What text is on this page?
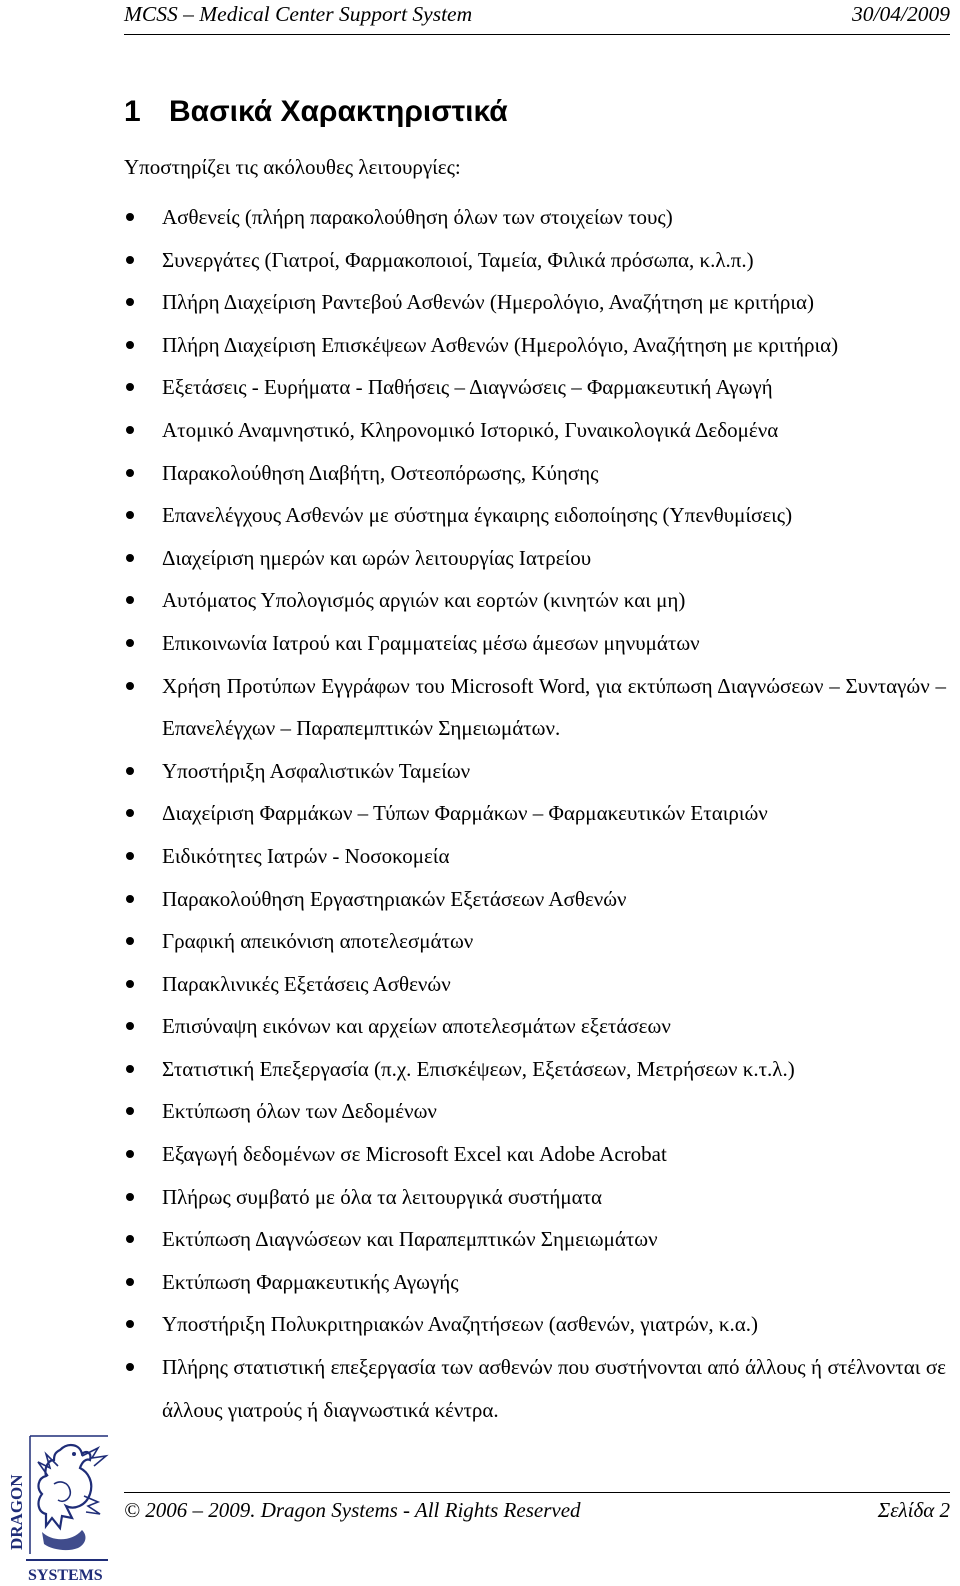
MCSS – Medical Center Support System	30/04/2009
1 Βασικά Χαρακτηριστικά

Υποστηρίζει τις ακόλουθες λειτουργίες:

Ασθενείς (πλήρη παρακολούθηση όλων των στοιχείων τους)
Συνεργάτες (Γιατροί, Φαρμακοποιοί, Ταμεία, Φιλικά πρόσωπα, κ.λ.π.)
Πλήρη Διαχείριση Ραντεβού Ασθενών (Ημερολόγιο, Αναζήτηση με κριτήρια)
Πλήρη Διαχείριση Επισκέψεων Ασθενών (Ημερολόγιο, Αναζήτηση με κριτήρια)
Εξετάσεις - Ευρήματα - Παθήσεις – Διαγνώσεις – Φαρμακευτική Αγωγή
Ατομικό Αναμνηστικό, Κληρονομικό Ιστορικό, Γυναικολογικά Δεδομένα
Παρακολούθηση Διαβήτη, Οστεοπόρωσης, Κύησης
Επανελέγχους Ασθενών με σύστημα έγκαιρης ειδοποίησης (Υπενθυμίσεις)
Διαχείριση ημερών και ωρών λειτουργίας Ιατρείου
Αυτόματος Υπολογισμός αργιών και εορτών (κινητών και μη)
Επικοινωνία Ιατρού και Γραμματείας μέσω άμεσων μηνυμάτων
Χρήση Προτύπων Εγγράφων του Microsoft Word, για εκτύπωση Διαγνώσεων – Συνταγών – Επανελέγχων – Παραπεμπτικών Σημειωμάτων.
Υποστήριξη Ασφαλιστικών Ταμείων
Διαχείριση Φαρμάκων – Τύπων Φαρμάκων – Φαρμακευτικών Εταιριών
Ειδικότητες Ιατρών - Νοσοκομεία
Παρακολούθηση Εργαστηριακών Εξετάσεων Ασθενών
Γραφική απεικόνιση αποτελεσμάτων
Παρακλινικές Εξετάσεις Ασθενών
Επισύναψη εικόνων και αρχείων αποτελεσμάτων εξετάσεων
Στατιστική Επεξεργασία (π.χ. Επισκέψεων, Εξετάσεων, Μετρήσεων κ.τ.λ.)
Εκτύπωση όλων των Δεδομένων
Εξαγωγή δεδομένων σε Microsoft Excel και Adobe Acrobat
Πλήρως συμβατό με όλα τα λειτουργικά συστήματα
Εκτύπωση Διαγνώσεων και Παραπεμπτικών Σημειωμάτων
Εκτύπωση Φαρμακευτικής Αγωγής
Υποστήριξη Πολυκριτηριακών Αναζητήσεων (ασθενών, γιατρών, κ.α.)
Πλήρης στατιστική επεξεργασία των ασθενών που συστήνονται από άλλους ή στέλνονται σε άλλους γιατρούς ή διαγνωστικά κέντρα.
DRAGON
SYSTEMS
© 2006 – 2009. Dragon Systems - All Rights Reserved	Σελίδα 2
